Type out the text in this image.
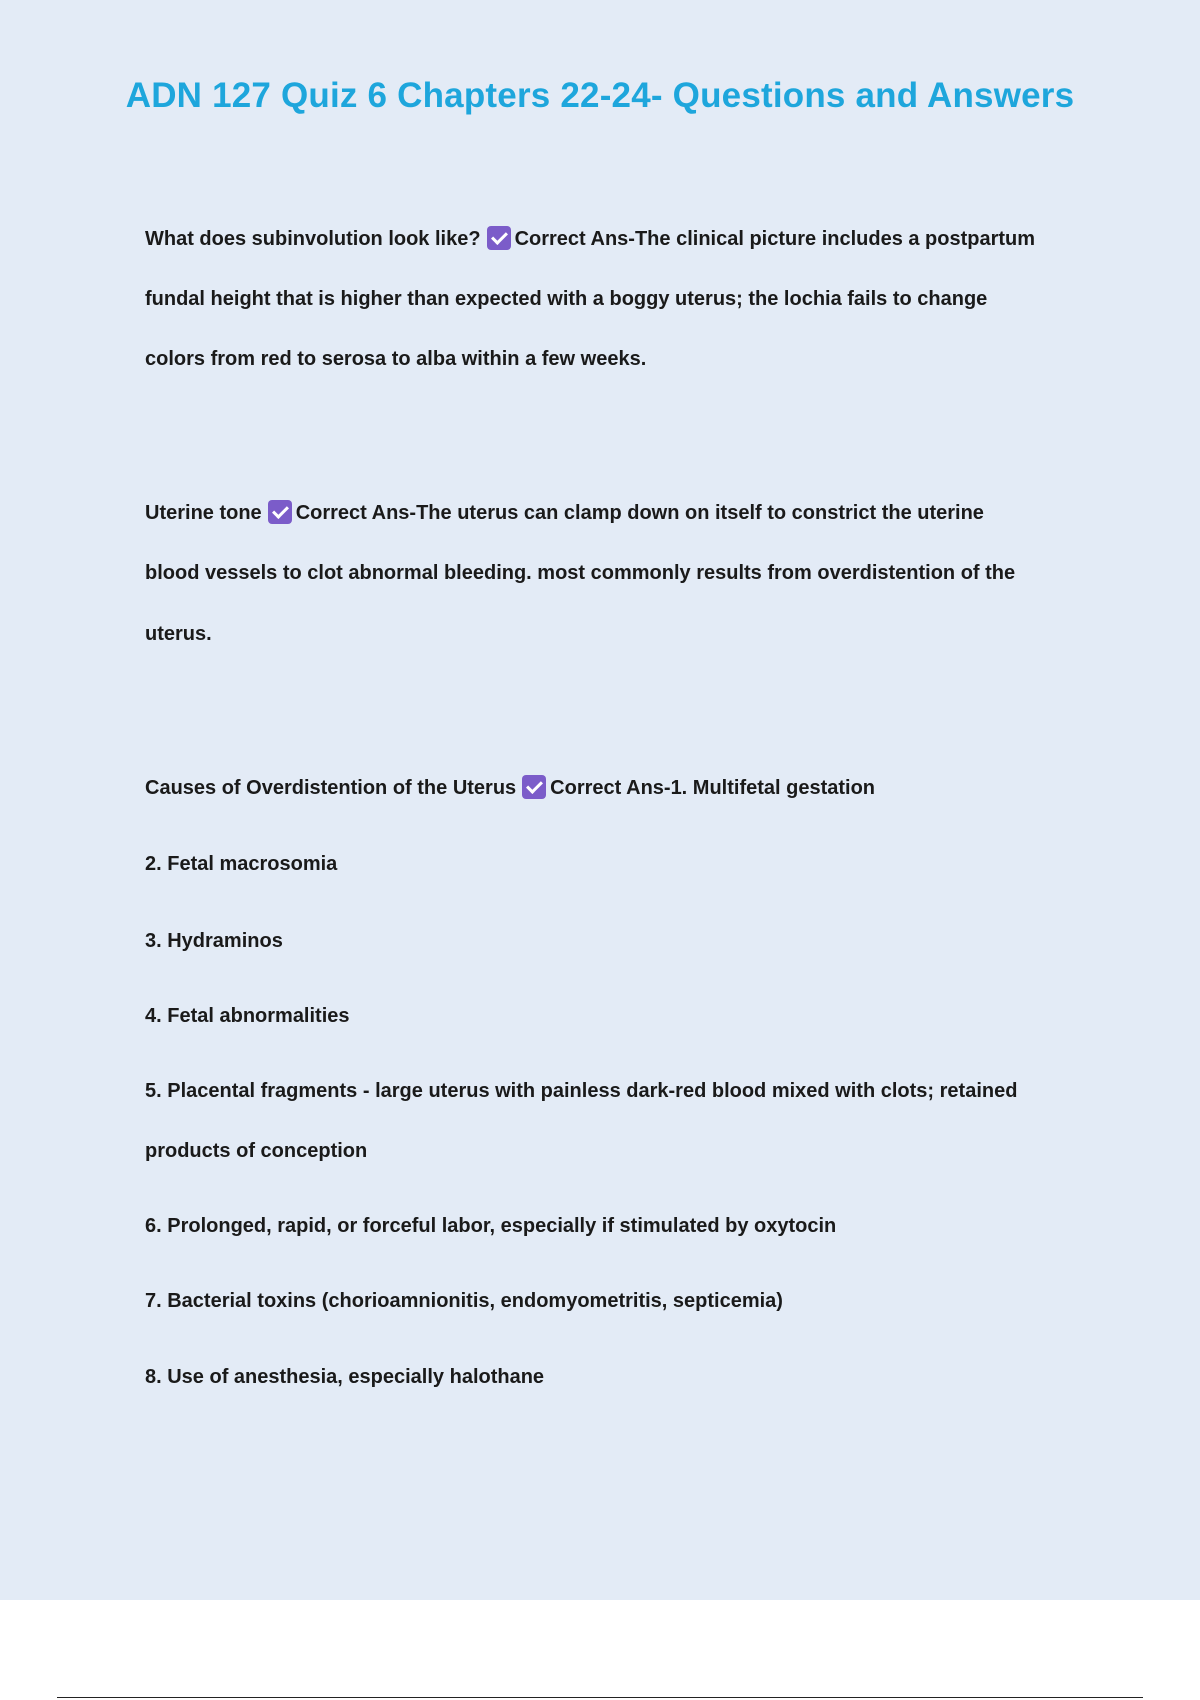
ADN 127 Quiz 6 Chapters 22-24- Questions and Answers
What does subinvolution look like? Correct Ans-The clinical picture includes a postpartum
fundal height that is higher than expected with a boggy uterus; the lochia fails to change
colors from red to serosa to alba within a few weeks.
Uterine tone Correct Ans-The uterus can clamp down on itself to constrict the uterine
blood vessels to clot abnormal bleeding. most commonly results from overdistention of the
uterus.
Causes of Overdistention of the Uterus Correct Ans-1. Multifetal gestation
2. Fetal macrosomia
3. Hydraminos
4. Fetal abnormalities
5. Placental fragments - large uterus with painless dark-red blood mixed with clots; retained
products of conception
6. Prolonged, rapid, or forceful labor, especially if stimulated by oxytocin
7. Bacterial toxins (chorioamnionitis, endomyometritis, septicemia)
8. Use of anesthesia, especially halothane
